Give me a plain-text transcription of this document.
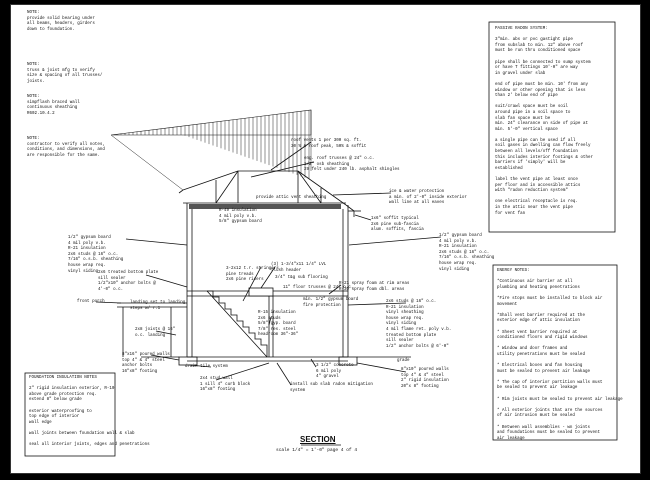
NOTE:
provide solid bearing under
all beams, headers, girders
down to foundation.
NOTE:
truss & joist mfg to verify
size & spacing of all trusses/
joists.
NOTE:
simpflash braced wall
continuous sheathing
R602.10.4.2
NOTE:
contractor to verify all notes,
conditions, and dimensions, and
are responsible for the same.
PASSIVE RADON SYSTEM:

3"min. abs or pvc gastight pipe
from subslab to min. 12" above roof
must be run thru conditioned space

pipe shall be connected to sump system
or have T fittings 10'-0" are way
in gravel under slab

end of pipe must be min. 10' from any
window or other opening that is less
than 2' below end of pipe

suit/crawl space must be soil
around pipe in a soil space to
slab fan space must be
min. 24" clearance on side of pipe at
min. 5'-0" vertical space

a single pipe can be used if all
soil gases in dwelling can flow freely
between all levels/off foundation
this includes interior footings & other
barriers if 'simply' will be
established

label the vent pipe at least once
per floor and in accessible attics
with "radon reduction system"

one electrical receptacle is req.
in the attic near the vent pipe
for vent fan

ENERGY NOTES:

*Continuous air barrier at all
plumbing and heating penetrations

*Fire stops must be installed to block air
movement

*Shall vent barrier required at the
exterior edge of attic insulation

* Sheet vent barrier required at
conditioned floors and rigid windows

* Window and door frames and
utility penetrations must be sealed

* Electrical boxes and fan housing
must be sealed to prevent air leakage

* The cap of interior partition walls must
be sealed to prevent air leakage

* Rim joists must be sealed to prevent air leakage

* All exterior joints that are the sources
of air intrusion must be sealed

* Between wall assemblies - wn joints
and foundations must be sealed to prevent
air leakage

FOUNDATION INSULATION NOTES

2" rigid insulation exterior, R-10
above grade protection req.
extend 8" below grade

exterior waterproofing to
top edge of interior
wall edge

wall joints between foundation wall & slab

seal all interior joints, edges and penetrations

roof vents 1 per 300 sq. ft.
30 % & roof peak, 50% & soffit
eng. roof trusses @ 24" o.c.
1/2" osb sheathing
29 felt under 240 lb. asphalt shingles
provide attic vent sheathing
ice & water protection
a min. of 2'-0" inside exterior
wall line at all eaves
1x6" soffit typical
2x6 pine sub-fascia
alum. soffits, fascia
1/2" gypsum board
4 mil poly v.b.
R-21 insulation
2x6 studs @ 16" o.c.
7/16" o.s.b. sheathing
house wrap req.
vinyl siding
1/2" gypsum board
4 mil poly v.b.
R-21 insulation
2x6 studs @ 16" o.c.
7/16" o.s.b. sheathing
house wrap req.
vinyl siding
R-49 insulation
4 mil poly v.b.
5/8" gypsum board
2x6 treated bottom plate
sill sealer
1/2"x10" anchor bolts @
4'-0" o.c.
3-2x12 t.r. stringers
pine treads
2x6 pine risers
(3) 1-3/4"x11 1/4" LVL
flush header
3/4" t&g sub flooring
11" floor trusses @ 24" o.c.
R-21 spray foam at rim areas
R-30 spray foam dbl. areas
min. 1/2" gypsum board
fire protection
front porch	landing set to landing
steps w/ r.1
2x6 studs @ 16" o.c.
R-21 insulation
vinyl sheathing
house wrap req.
vinyl siding
4 mil flame ret. poly v.b.
treated bottom plate
sill sealer
1/2" anchor bolts @ 6'-0"
2x8 joists @ 16"
o.c. landing
R-15 insulation
2x6 studs
5/8" gyp. board
7/8" res. steel
headroom 36"-36"
8"x16" poured walls
top 4" & 4" steel
anchor bolts
16"x8" footing
drain tile system	3 1/2" concrete
6 mil poly
4" gravel
grade
8"x10" poured walls
top 4" & 4" steel
2" rigid insulation
20"x 8" footing
2x4 stud wall
1 sill 4" curb block
16"x8" footing
install sub slab radon mitigation
system
SECTION
scale 1/4" = 1'-0" page 4 of 4
